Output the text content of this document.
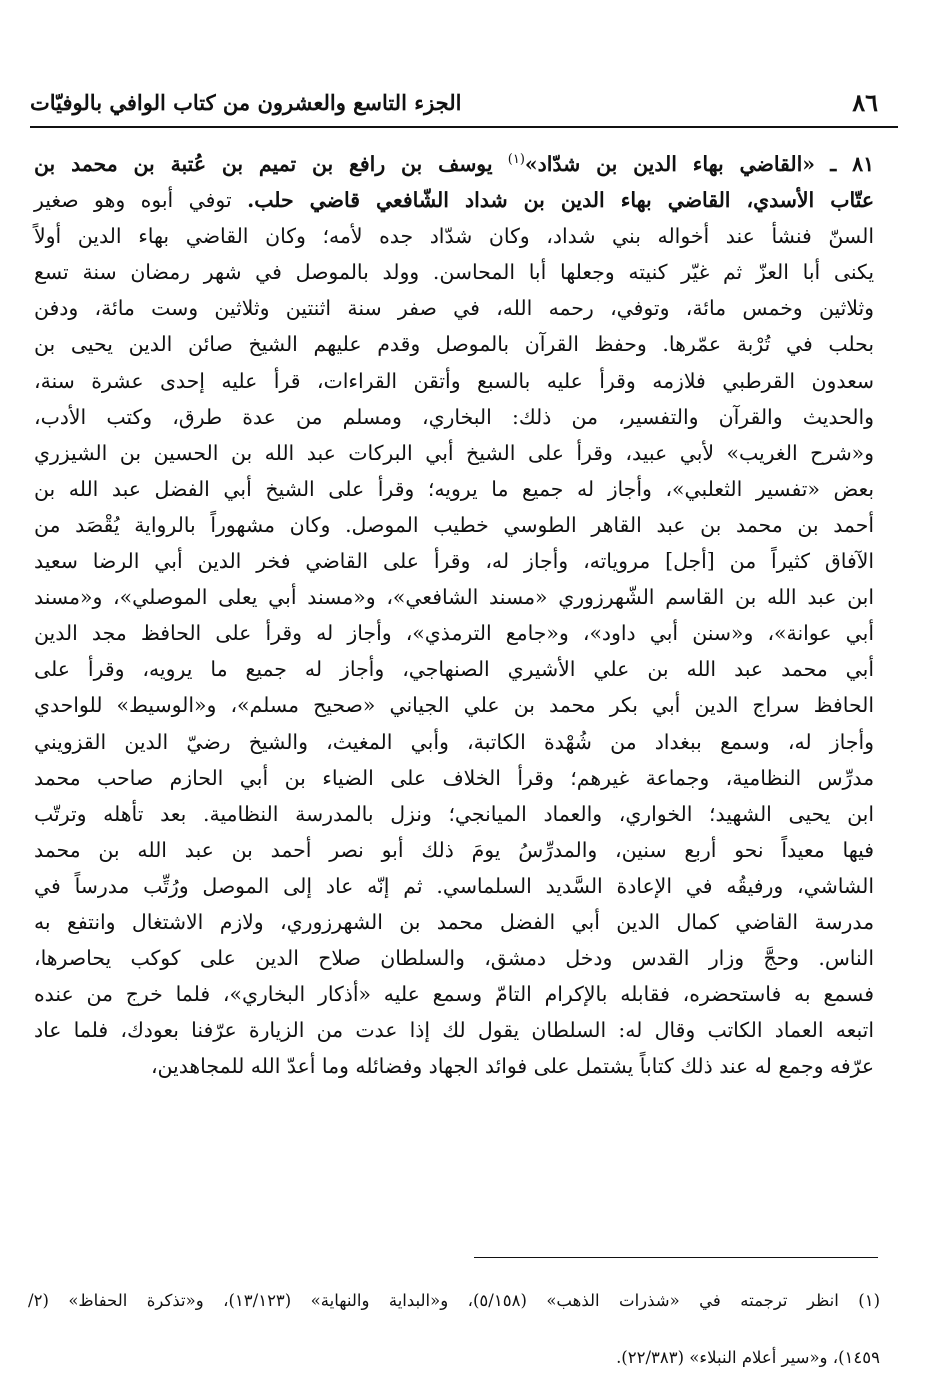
٨٦
الجزء التاسع والعشرون من كتاب الوافي بالوفيّات

٨١ ـ «القاضي بهاء الدين بن شدّاد»$^{(١)}$ يوسف بن رافع بن تميم بن عُتبة بن محمد بن

عتّاب الأسدي، القاضي بهاء الدين بن شداد الشّافعي قاضي حلب. توفي أبوه وهو صغير

السنّ فنشأ عند أخواله بني شداد، وكان شدّاد جده لأمه؛ وكان القاضي بهاء الدين أولاً

يكنى أبا العزّ ثم غيّر كنيته وجعلها أبا المحاسن. وولد بالموصل في شهر رمضان سنة تسع

وثلاثين وخمس مائة، وتوفي، رحمه الله، في صفر سنة اثنتين وثلاثين وست مائة، ودفن

بحلب في تُرْبة عمّرها. وحفظ القرآن بالموصل وقدم عليهم الشيخ صائن الدين يحيى بن

سعدون القرطبي فلازمه وقرأ عليه بالسبع وأتقن القراءات، قرأ عليه إحدى عشرة سنة،

والحديث والقرآن والتفسير، من ذلك: البخاري، ومسلم من عدة طرق، وكتب الأدب،

و«شرح الغريب» لأبي عبيد، وقرأ على الشيخ أبي البركات عبد الله بن الحسين بن الشيزري

بعض «تفسير الثعلبي»، وأجاز له جميع ما يرويه؛ وقرأ على الشيخ أبي الفضل عبد الله بن

أحمد بن محمد بن عبد القاهر الطوسي خطيب الموصل. وكان مشهوراً بالرواية يُقْصَد من

الآفاق كثيراً من [أجل] مروياته، وأجاز له، وقرأ على القاضي فخر الدين أبي الرضا سعيد

ابن عبد الله بن القاسم الشّهرزوري «مسند الشافعي»، و«مسند أبي يعلى الموصلي»، و«مسند

أبي عوانة»، و«سنن أبي داود»، و«جامع الترمذي»، وأجاز له وقرأ على الحافظ مجد الدين

أبي محمد عبد الله بن علي الأشيري الصنهاجي، وأجاز له جميع ما يرويه، وقرأ على

الحافظ سراج الدين أبي بكر محمد بن علي الجياني «صحيح مسلم»، و«الوسيط» للواحدي

وأجاز له، وسمع ببغداد من شُهْدة الكاتبة، وأبي المغيث، والشيخ رضيّ الدين القزويني

مدرِّس النظامية، وجماعة غيرهم؛ وقرأ الخلاف على الضياء بن أبي الحازم صاحب محمد

ابن يحيى الشهيد؛ الخواري، والعماد الميانجي؛ ونزل بالمدرسة النظامية. بعد تأهله وترتّب

فيها معيداً نحو أربع سنين، والمدرِّسُ يومَ ذلك أبو نصر أحمد بن عبد الله بن محمد

الشاشي، ورفيقُه في الإعادة السَّديد السلماسي. ثم إنّه عاد إلى الموصل ورُتِّب مدرساً في

مدرسة القاضي كمال الدين أبي الفضل محمد بن الشهرزوري، ولازم الاشتغال وانتفع به

الناس. وحجَّ وزار القدس ودخل دمشق، والسلطان صلاح الدين على كوكب يحاصرها،

فسمع به فاستحضره، فقابله بالإكرام التامّ وسمع عليه «أذكار البخاري»، فلما خرج من عنده

اتبعه العماد الكاتب وقال له: السلطان يقول لك إذا عدت من الزيارة عرّفنا بعودك، فلما عاد

عرّفه وجمع له عند ذلك كتاباً يشتمل على فوائد الجهاد وفضائله وما أعدّ الله للمجاهدين،

(١) انظر ترجمته في «شذرات الذهب» (٥/١٥٨)، و«البداية والنهاية» (١٣/١٢٣)، و«تذكرة الحفاظ» (٢/

١٤٥٩)، و«سير أعلام النبلاء» (٢٢/٣٨٣).
